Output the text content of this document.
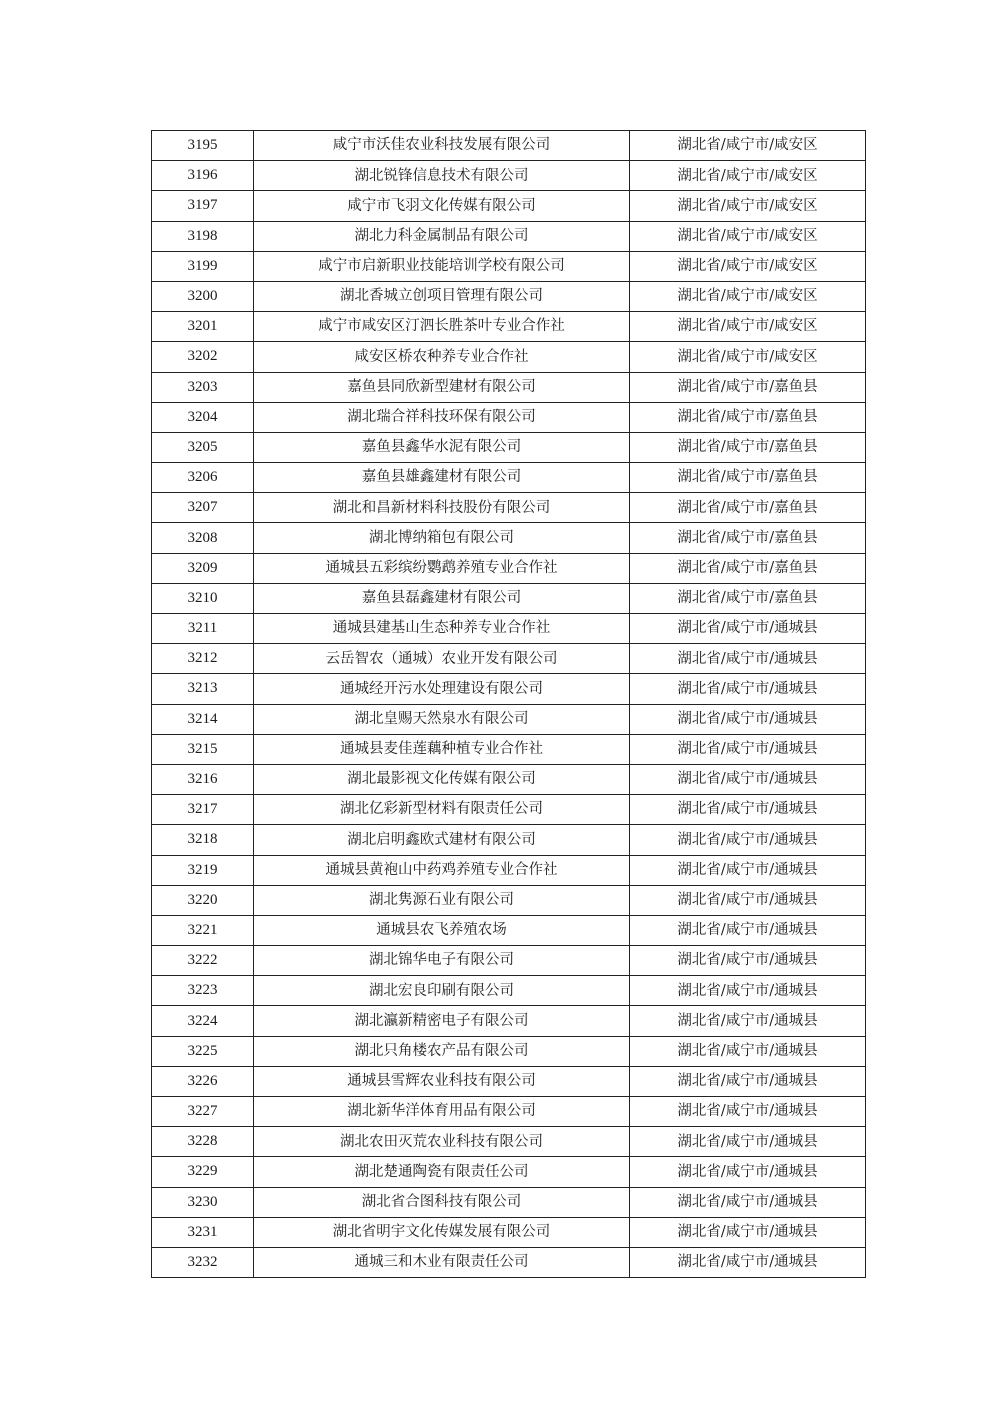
3195	咸宁市沃佳农业科技发展有限公司	湖北省/咸宁市/咸安区
3196	湖北锐锋信息技术有限公司	湖北省/咸宁市/咸安区
3197	咸宁市飞羽文化传媒有限公司	湖北省/咸宁市/咸安区
3198	湖北力科金属制品有限公司	湖北省/咸宁市/咸安区
3199	咸宁市启新职业技能培训学校有限公司	湖北省/咸宁市/咸安区
3200	湖北香城立创项目管理有限公司	湖北省/咸宁市/咸安区
3201	咸宁市咸安区汀泗长胜茶叶专业合作社	湖北省/咸宁市/咸安区
3202	咸安区桥农种养专业合作社	湖北省/咸宁市/咸安区
3203	嘉鱼县同欣新型建材有限公司	湖北省/咸宁市/嘉鱼县
3204	湖北瑞合祥科技环保有限公司	湖北省/咸宁市/嘉鱼县
3205	嘉鱼县鑫华水泥有限公司	湖北省/咸宁市/嘉鱼县
3206	嘉鱼县雄鑫建材有限公司	湖北省/咸宁市/嘉鱼县
3207	湖北和昌新材料科技股份有限公司	湖北省/咸宁市/嘉鱼县
3208	湖北博纳箱包有限公司	湖北省/咸宁市/嘉鱼县
3209	通城县五彩缤纷鹦鹉养殖专业合作社	湖北省/咸宁市/嘉鱼县
3210	嘉鱼县磊鑫建材有限公司	湖北省/咸宁市/嘉鱼县
3211	通城县建基山生态种养专业合作社	湖北省/咸宁市/通城县
3212	云岳智农（通城）农业开发有限公司	湖北省/咸宁市/通城县
3213	通城经开污水处理建设有限公司	湖北省/咸宁市/通城县
3214	湖北皇赐天然泉水有限公司	湖北省/咸宁市/通城县
3215	通城县麦佳莲藕种植专业合作社	湖北省/咸宁市/通城县
3216	湖北最影视文化传媒有限公司	湖北省/咸宁市/通城县
3217	湖北亿彩新型材料有限责任公司	湖北省/咸宁市/通城县
3218	湖北启明鑫欧式建材有限公司	湖北省/咸宁市/通城县
3219	通城县黄袍山中药鸡养殖专业合作社	湖北省/咸宁市/通城县
3220	湖北隽源石业有限公司	湖北省/咸宁市/通城县
3221	通城县农飞养殖农场	湖北省/咸宁市/通城县
3222	湖北锦华电子有限公司	湖北省/咸宁市/通城县
3223	湖北宏良印刷有限公司	湖北省/咸宁市/通城县
3224	湖北瀛新精密电子有限公司	湖北省/咸宁市/通城县
3225	湖北只角楼农产品有限公司	湖北省/咸宁市/通城县
3226	通城县雪辉农业科技有限公司	湖北省/咸宁市/通城县
3227	湖北新华洋体育用品有限公司	湖北省/咸宁市/通城县
3228	湖北农田灭荒农业科技有限公司	湖北省/咸宁市/通城县
3229	湖北楚通陶瓷有限责任公司	湖北省/咸宁市/通城县
3230	湖北省合图科技有限公司	湖北省/咸宁市/通城县
3231	湖北省明宇文化传媒发展有限公司	湖北省/咸宁市/通城县
3232	通城三和木业有限责任公司	湖北省/咸宁市/通城县
